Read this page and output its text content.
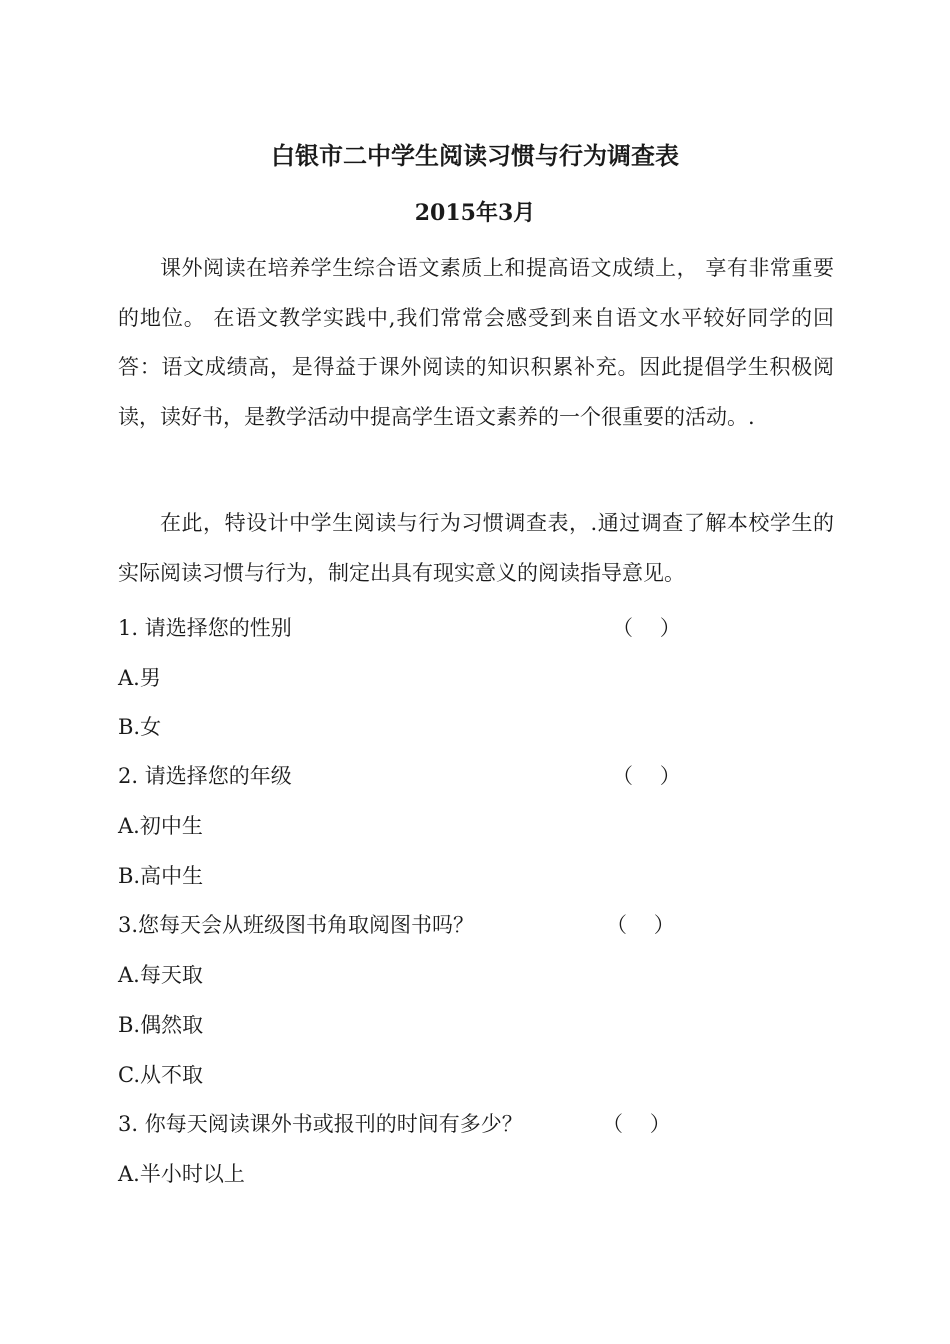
白银市二中学生阅读习惯与行为调查表
2015年3月

课外阅读在培养学生综合语文素质上和提高语文成绩上， 享有非常重要的地位。 在语文教学实践中,我们常常会感受到来自语文水平较好同学的回答：语文成绩高，是得益于课外阅读的知识积累补充。因此提倡学生积极阅读，读好书，是教学活动中提高学生语文素养的一个很重要的活动。.

在此，特设计中学生阅读与行为习惯调查表，.通过调查了解本校学生的实际阅读习惯与行为，制定出具有现实意义的阅读指导意见。

1. 请选择您的性别	（    ）
A.男
B.女
2. 请选择您的年级	（    ）
A.初中生
B.高中生
3.您每天会从班级图书角取阅图书吗？	（    ）
A.每天取
B.偶然取
C.从不取
3. 你每天阅读课外书或报刊的时间有多少？	（    ）
A.半小时以上
